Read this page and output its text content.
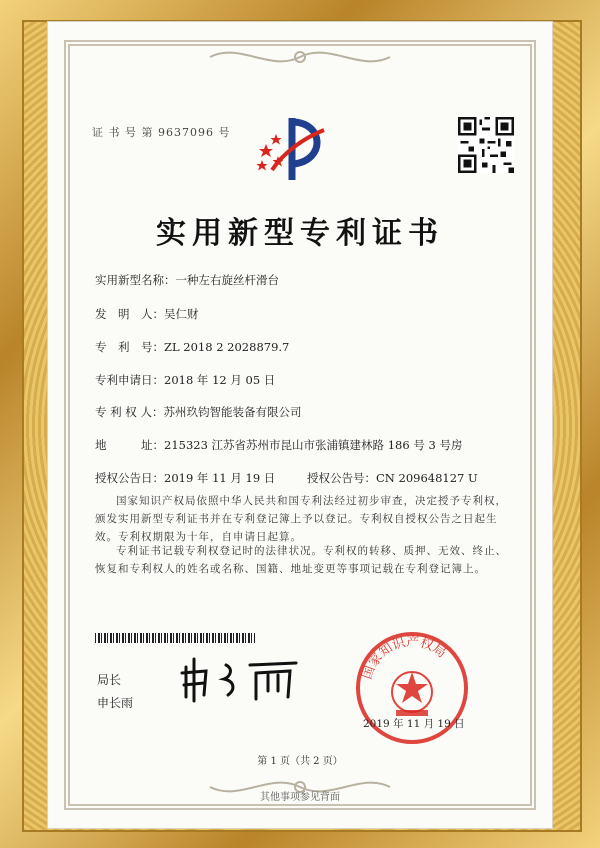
证 书 号 第 9637096 号
实用新型专利证书
实用新型名称：一种左右旋丝杆滑台
发　明　人：吴仁财
专　利　号：ZL 2018 2 2028879.7
专利申请日：2018 年 12 月 05 日
专 利 权 人：苏州玖钧智能装备有限公司
地　　　址：215323 江苏省苏州市昆山市张浦镇建林路 186 号 3 号房
授权公告日：2019 年 11 月 19 日	授权公告号：CN 209648127 U
国家知识产权局依照中华人民共和国专利法经过初步审查，决定授予专利权，颁发实用新型专利证书并在专利登记簿上予以登记。专利权自授权公告之日起生效。专利权期限为十年，自申请日起算。
专利证书记载专利权登记时的法律状况。专利权的转移、质押、无效、终止、恢复和专利权人的姓名或名称、国籍、地址变更等事项记载在专利登记簿上。
局长
申长雨
国家知识产权局
2019 年 11 月 19 日
第 1 页（共 2 页）
其他事项参见背面
